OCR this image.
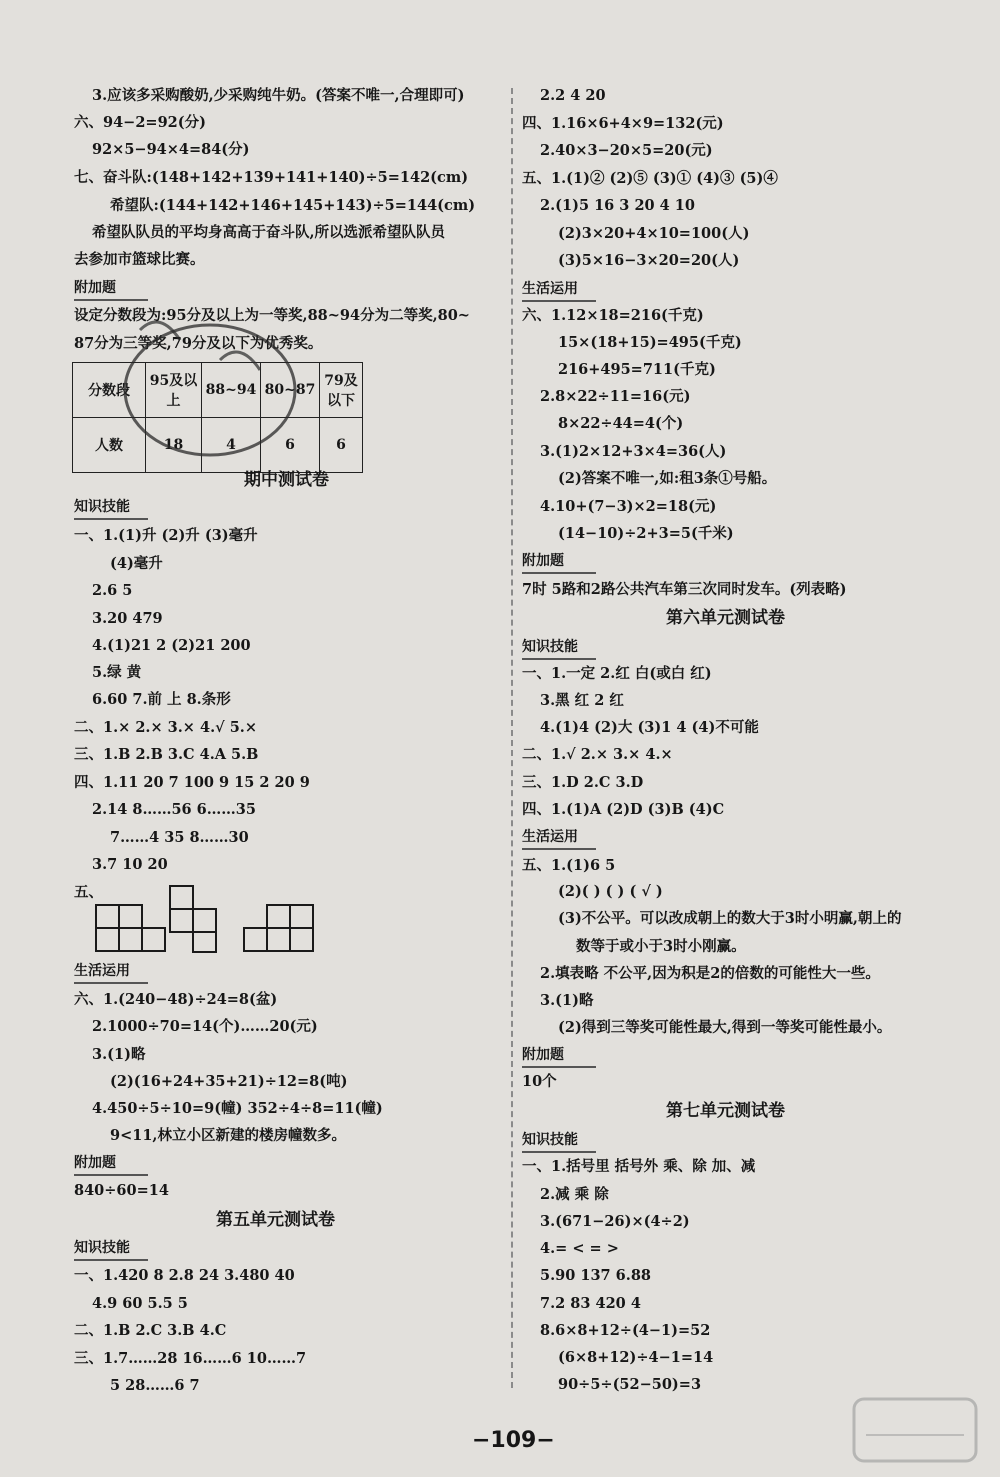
3.应该多采购酸奶,少采购纯牛奶。(答案不唯一,合理即可)
六、94−2=92(分)
92×5−94×4=84(分)
七、奋斗队:(148+142+139+141+140)÷5=142(cm)
希望队:(144+142+146+145+143)÷5=144(cm)
希望队队员的平均身高高于奋斗队,所以选派希望队队员
去参加市篮球比赛。
附加题
设定分数段为:95分及以上为一等奖,88~94分为二等奖,80~
87分为三等奖,79分及以下为优秀奖。
分数段	95及以上	88~94	80~87	79及以下
人数	18	4	6	6
期中测试卷
知识技能
一、1.(1)升 (2)升 (3)毫升
(4)毫升
2.6 5
3.20 479
4.(1)21 2 (2)21 200
5.绿 黄
6.60 7.前 上 8.条形
二、1.× 2.× 3.× 4.√ 5.×
三、1.B 2.B 3.C 4.A 5.B
四、1.11 20 7 100 9 15 2 20 9
2.14 8……56 6……35
7……4 35 8……30
3.7 10 20
五、
生活运用
六、1.(240−48)÷24=8(盆)
2.1000÷70=14(个)……20(元)
3.(1)略
(2)(16+24+35+21)÷12=8(吨)
4.450÷5÷10=9(幢) 352÷4÷8=11(幢)
9<11,林立小区新建的楼房幢数多。
附加题
840÷60=14
第五单元测试卷
知识技能
一、1.420 8 2.8 24 3.480 40
4.9 60 5.5 5
二、1.B 2.C 3.B 4.C
三、1.7……28 16……6 10……7
5 28……6 7
2.2 4 20
四、1.16×6+4×9=132(元)
2.40×3−20×5=20(元)
五、1.(1)② (2)⑤ (3)① (4)③ (5)④
2.(1)5 16 3 20 4 10
(2)3×20+4×10=100(人)
(3)5×16−3×20=20(人)
生活运用
六、1.12×18=216(千克)
15×(18+15)=495(千克)
216+495=711(千克)
2.8×22÷11=16(元)
8×22÷44=4(个)
3.(1)2×12+3×4=36(人)
(2)答案不唯一,如:租3条①号船。
4.10+(7−3)×2=18(元)
(14−10)÷2+3=5(千米)
附加题
7时 5路和2路公共汽车第三次同时发车。(列表略)
第六单元测试卷
知识技能
一、1.一定 2.红 白(或白 红)
3.黑 红 2 红
4.(1)4 (2)大 (3)1 4 (4)不可能
二、1.√ 2.× 3.× 4.×
三、1.D 2.C 3.D
四、1.(1)A (2)D (3)B (4)C
生活运用
五、1.(1)6 5
(2)( ) ( ) ( √ )
(3)不公平。可以改成朝上的数大于3时小明赢,朝上的
数等于或小于3时小刚赢。
2.填表略 不公平,因为积是2的倍数的可能性大一些。
3.(1)略
(2)得到三等奖可能性最大,得到一等奖可能性最小。
附加题
10个
第七单元测试卷
知识技能
一、1.括号里 括号外 乘、除 加、减
2.减 乘 除
3.(671−26)×(4÷2)
4.= < = >
5.90 137 6.88
7.2 83 420 4
8.6×8+12÷(4−1)=52
(6×8+12)÷4−1=14
90÷5÷(52−50)=3
−109−
